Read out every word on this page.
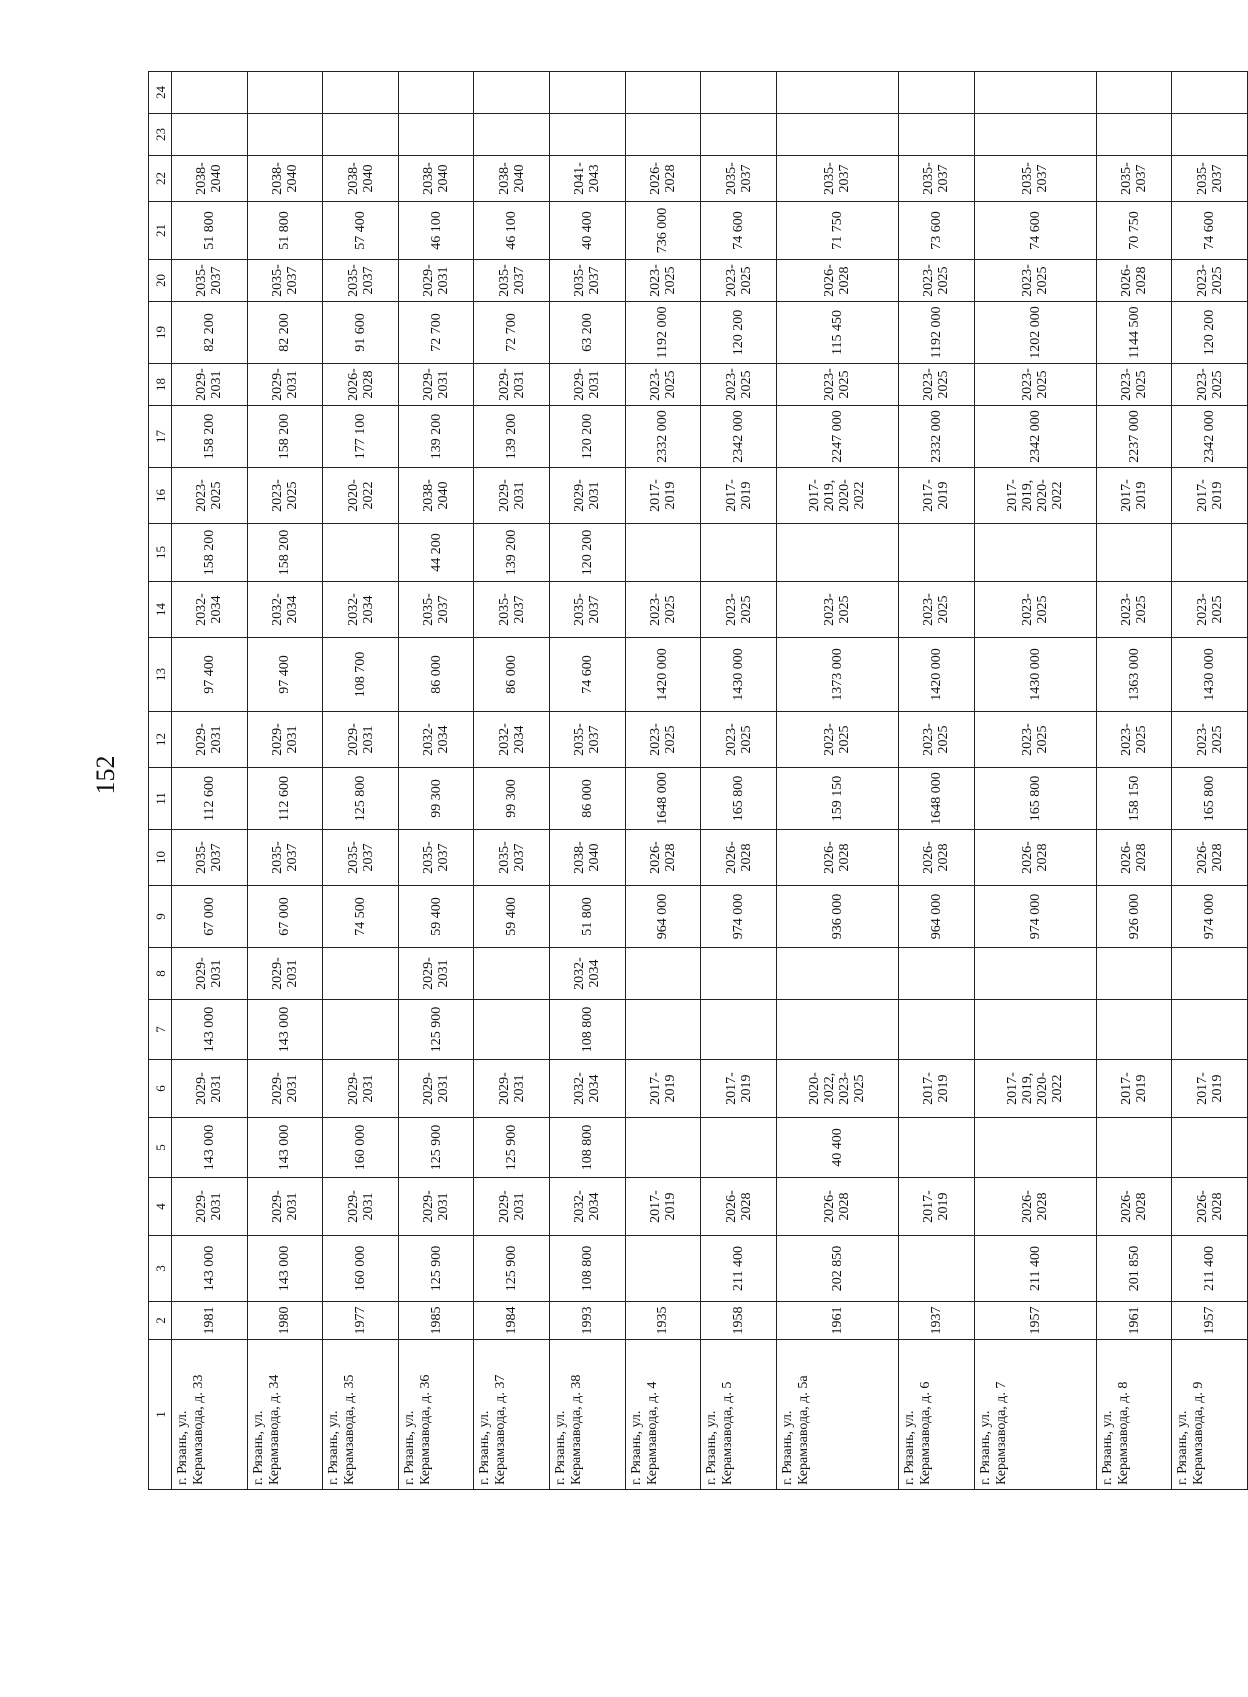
152
1	2	3	4	5	6	7	8	9	10	11	12	13	14	15	16	17	18	19	20	21	22	23	24
г. Рязань, ул. Керамзавода, д. 33	1981	143 000	2029-2031	143 000	2029-2031	143 000	2029-2031	67 000	2035-2037	112 600	2029-2031	97 400	2032-2034	158 200	2023-2025	158 200	2029-2031	82 200	2035-2037	51 800	2038-2040		
г. Рязань, ул. Керамзавода, д. 34	1980	143 000	2029-2031	143 000	2029-2031	143 000	2029-2031	67 000	2035-2037	112 600	2029-2031	97 400	2032-2034	158 200	2023-2025	158 200	2029-2031	82 200	2035-2037	51 800	2038-2040		
г. Рязань, ул. Керамзавода, д. 35	1977	160 000	2029-2031	160 000	2029-2031			74 500	2035-2037	125 800	2029-2031	108 700	2032-2034		2020-2022	177 100	2026-2028	91 600	2035-2037	57 400	2038-2040		
г. Рязань, ул. Керамзавода, д. 36	1985	125 900	2029-2031	125 900	2029-2031	125 900	2029-2031	59 400	2035-2037	99 300	2032-2034	86 000	2035-2037	44 200	2038-2040	139 200	2029-2031	72 700	2029-2031	46 100	2038-2040		
г. Рязань, ул. Керамзавода, д. 37	1984	125 900	2029-2031	125 900	2029-2031			59 400	2035-2037	99 300	2032-2034	86 000	2035-2037	139 200	2029-2031	139 200	2029-2031	72 700	2035-2037	46 100	2038-2040		
г. Рязань, ул. Керамзавода, д. 38	1993	108 800	2032-2034	108 800	2032-2034	108 800	2032-2034	51 800	2038-2040	86 000	2035-2037	74 600	2035-2037	120 200	2029-2031	120 200	2029-2031	63 200	2035-2037	40 400	2041-2043		
г. Рязань, ул. Керамзавода, д. 4	1935		2017-2019		2017-2019			964 000	2026-2028	1648 000	2023-2025	1420 000	2023-2025		2017-2019	2332 000	2023-2025	1192 000	2023-2025	736 000	2026-2028		
г. Рязань, ул. Керамзавода, д. 5	1958	211 400	2026-2028		2017-2019			974 000	2026-2028	165 800	2023-2025	1430 000	2023-2025		2017-2019	2342 000	2023-2025	120 200	2023-2025	74 600	2035-2037		
г. Рязань, ул. Керамзавода, д. 5а	1961	202 850	2026-2028	40 400	2020-2022, 2023-2025			936 000	2026-2028	159 150	2023-2025	1373 000	2023-2025		2017-2019, 2020-2022	2247 000	2023-2025	115 450	2026-2028	71 750	2035-2037		
г. Рязань, ул. Керамзавода, д. 6	1937		2017-2019		2017-2019			964 000	2026-2028	1648 000	2023-2025	1420 000	2023-2025		2017-2019	2332 000	2023-2025	1192 000	2023-2025	73 600	2035-2037		
г. Рязань, ул. Керамзавода, д. 7	1957	211 400	2026-2028		2017-2019, 2020-2022			974 000	2026-2028	165 800	2023-2025	1430 000	2023-2025		2017-2019, 2020-2022	2342 000	2023-2025	1202 000	2023-2025	74 600	2035-2037		
г. Рязань, ул. Керамзавода, д. 8	1961	201 850	2026-2028		2017-2019			926 000	2026-2028	158 150	2023-2025	1363 000	2023-2025		2017-2019	2237 000	2023-2025	1144 500	2026-2028	70 750	2035-2037		
г. Рязань, ул. Керамзавода, д. 9	1957	211 400	2026-2028		2017-2019			974 000	2026-2028	165 800	2023-2025	1430 000	2023-2025		2017-2019	2342 000	2023-2025	120 200	2023-2025	74 600	2035-2037		
